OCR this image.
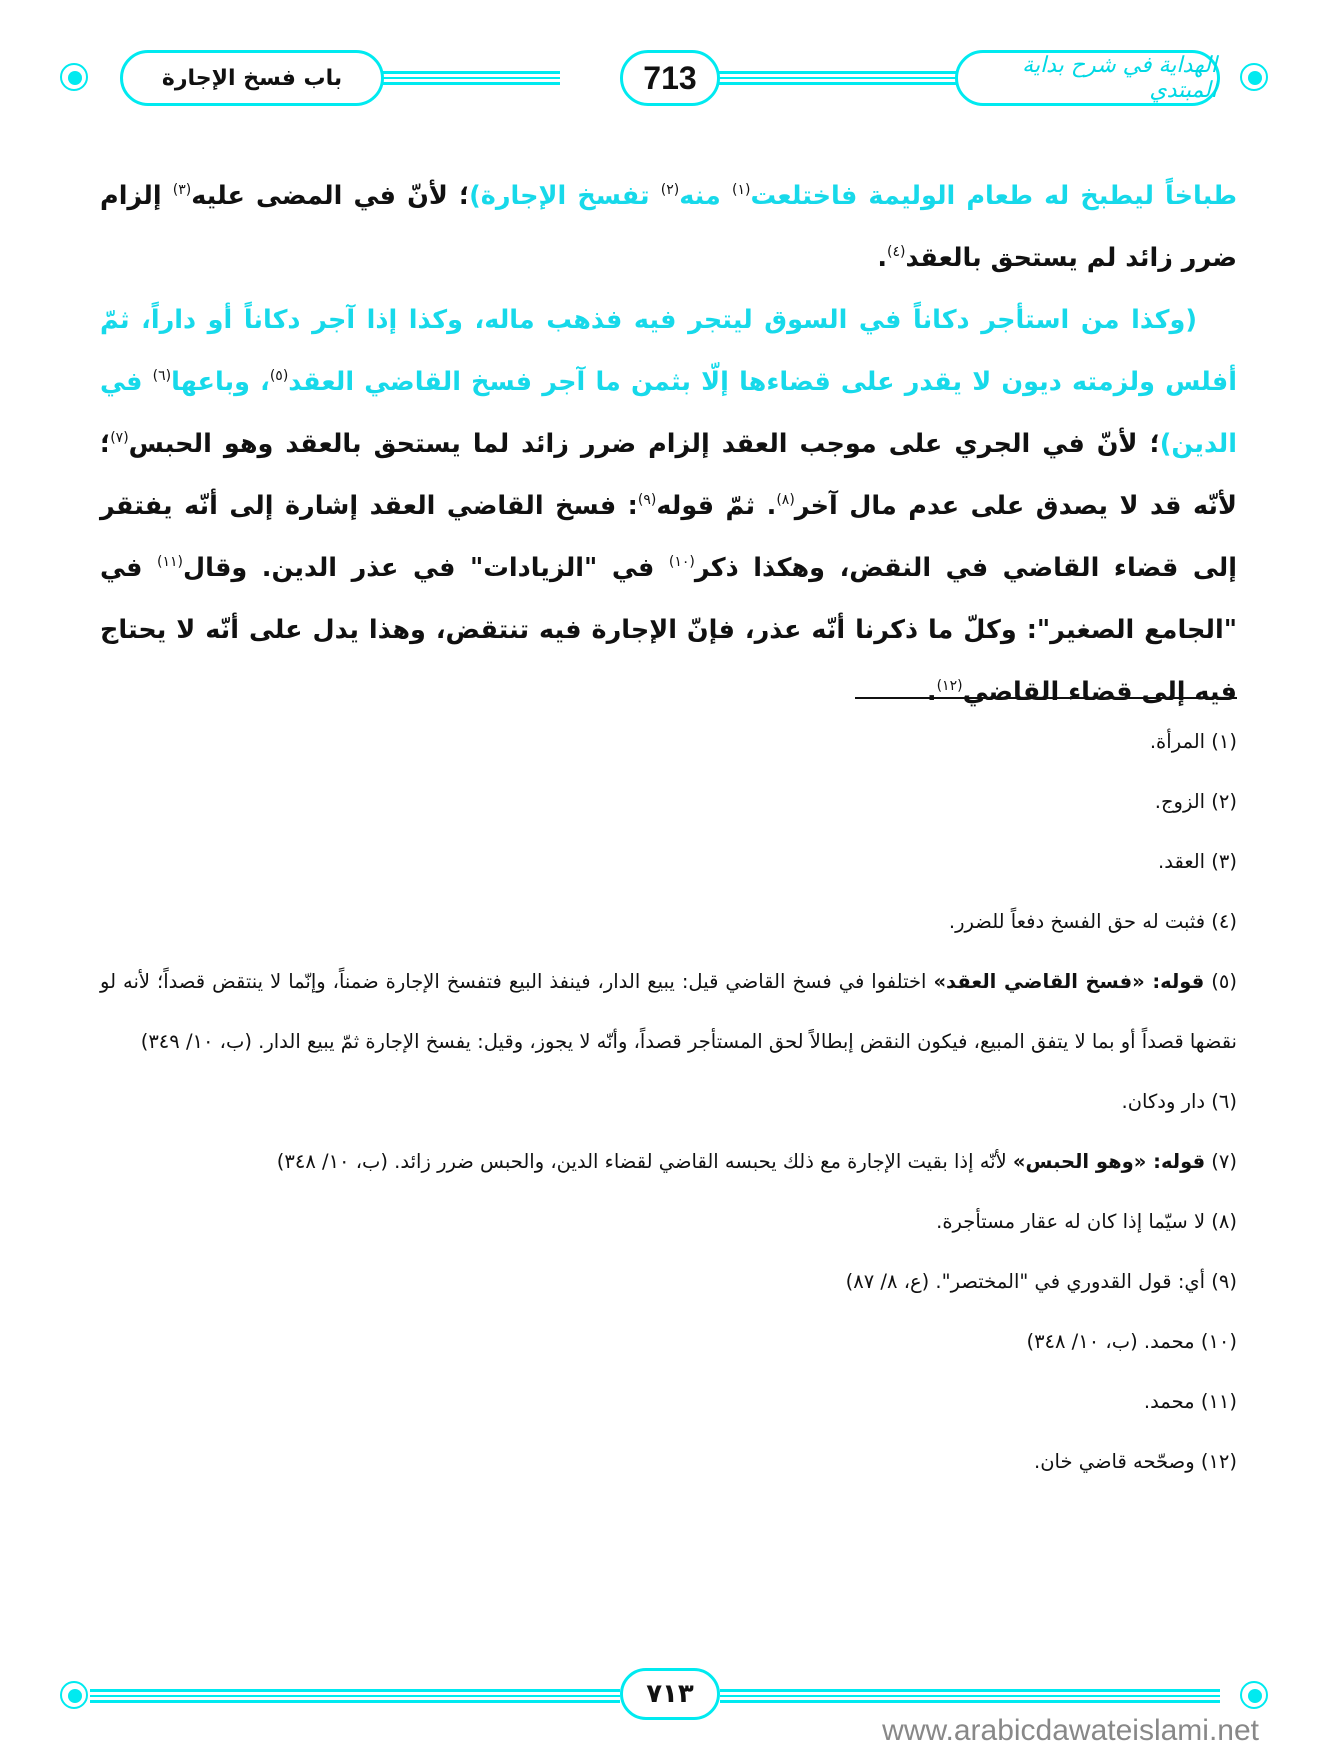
باب فسخ الإجارة	713	الهداية في شرح بداية المبتدي

طباخاً ليطبخ له طعام الوليمة فاختلعت$^{(١)}$ منه$^{(٢)}$ تفسخ الإجارة)؛ لأنّ في المضى عليه$^{(٣)}$ إلزام ضرر زائد لم يستحق بالعقد$^{(٤)}$.

(وكذا من استأجر دكاناً في السوق ليتجر فيه فذهب ماله، وكذا إذا آجر دكاناً أو داراً، ثمّ أفلس ولزمته ديون لا يقدر على قضاءها إلّا بثمن ما آجر فسخ القاضي العقد$^{(٥)}$، وباعها$^{(٦)}$ في الدين)؛ لأنّ في الجري على موجب العقد إلزام ضرر زائد لما يستحق بالعقد وهو الحبس$^{(٧)}$؛ لأنّه قد لا يصدق على عدم مال آخر$^{(٨)}$. ثمّ قوله$^{(٩)}$: فسخ القاضي العقد إشارة إلى أنّه يفتقر إلى قضاء القاضي في النقض، وهكذا ذكر$^{(١٠)}$ في "الزيادات" في عذر الدين. وقال$^{(١١)}$ في "الجامع الصغير": وكلّ ما ذكرنا أنّه عذر، فإنّ الإجارة فيه تنتقض، وهذا يدل على أنّه لا يحتاج فيه إلى قضاء القاضي$^{(١٢)}$.

(١) المرأة.

(٢) الزوج.

(٣) العقد.

(٤) فثبت له حق الفسخ دفعاً للضرر.

(٥) قوله: «فسخ القاضي العقد» اختلفوا في فسخ القاضي قيل: يبيع الدار، فينفذ البيع فتفسخ الإجارة ضمناً، وإنّما لا ينتقض قصداً؛ لأنه لو نقضها قصداً أو بما لا يتفق المبيع، فيكون النقض إبطالاً لحق المستأجر قصداً، وأنّه لا يجوز، وقيل: يفسخ الإجارة ثمّ يبيع الدار. (ب، ١٠/ ٣٤٩)

(٦) دار ودكان.

(٧) قوله: «وهو الحبس» لأنّه إذا بقيت الإجارة مع ذلك يحبسه القاضي لقضاء الدين، والحبس ضرر زائد. (ب، ١٠/ ٣٤٨)

(٨) لا سيّما إذا كان له عقار مستأجرة.

(٩) أي: قول القدوري في "المختصر". (ع، ٨/ ٨٧)

(١٠) محمد. (ب، ١٠/ ٣٤٨)

(١١) محمد.

(١٢) وصحّحه قاضي خان.

٧١٣
www.arabicdawateislami.net
